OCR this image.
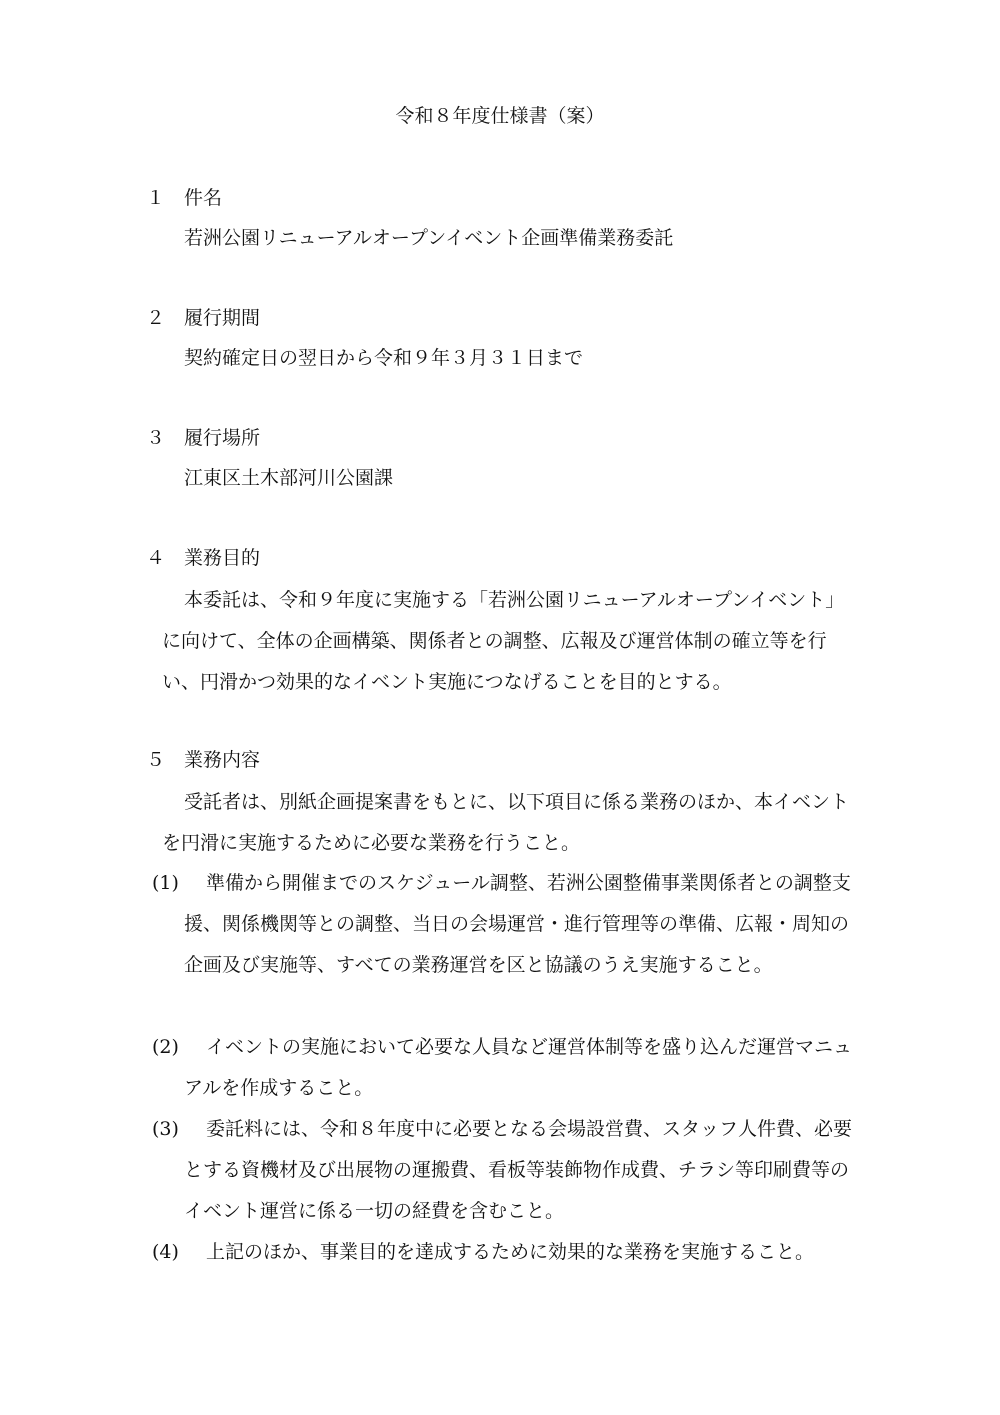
令和８年度仕様書（案）
１ 件名
若洲公園リニューアルオープンイベント企画準備業務委託
２ 履行期間
契約確定日の翌日から令和９年３月３１日まで
３ 履行場所
江東区土木部河川公園課
４ 業務目的

本委託は、令和９年度に実施する「若洲公園リニューアルオープンイベント」に向けて、全体の企画構築、関係者との調整、広報及び運営体制の確立等を行い、円滑かつ効果的なイベント実施につなげることを目的とする。

５ 業務内容

受託者は、別紙企画提案書をもとに、以下項目に係る業務のほか、本イベントを円滑に実施するために必要な業務を行うこと。

(1)	準備から開催までのスケジュール調整、若洲公園整備事業関係者との調整支援、関係機関等との調整、当日の会場運営・進行管理等の準備、広報・周知の企画及び実施等、すべての業務運営を区と協議のうえ実施すること。
(2)	イベントの実施において必要な人員など運営体制等を盛り込んだ運営マニュアルを作成すること。
(3)	委託料には、令和８年度中に必要となる会場設営費、スタッフ人件費、必要とする資機材及び出展物の運搬費、看板等装飾物作成費、チラシ等印刷費等のイベント運営に係る一切の経費を含むこと。
(4)	上記のほか、事業目的を達成するために効果的な業務を実施すること。
